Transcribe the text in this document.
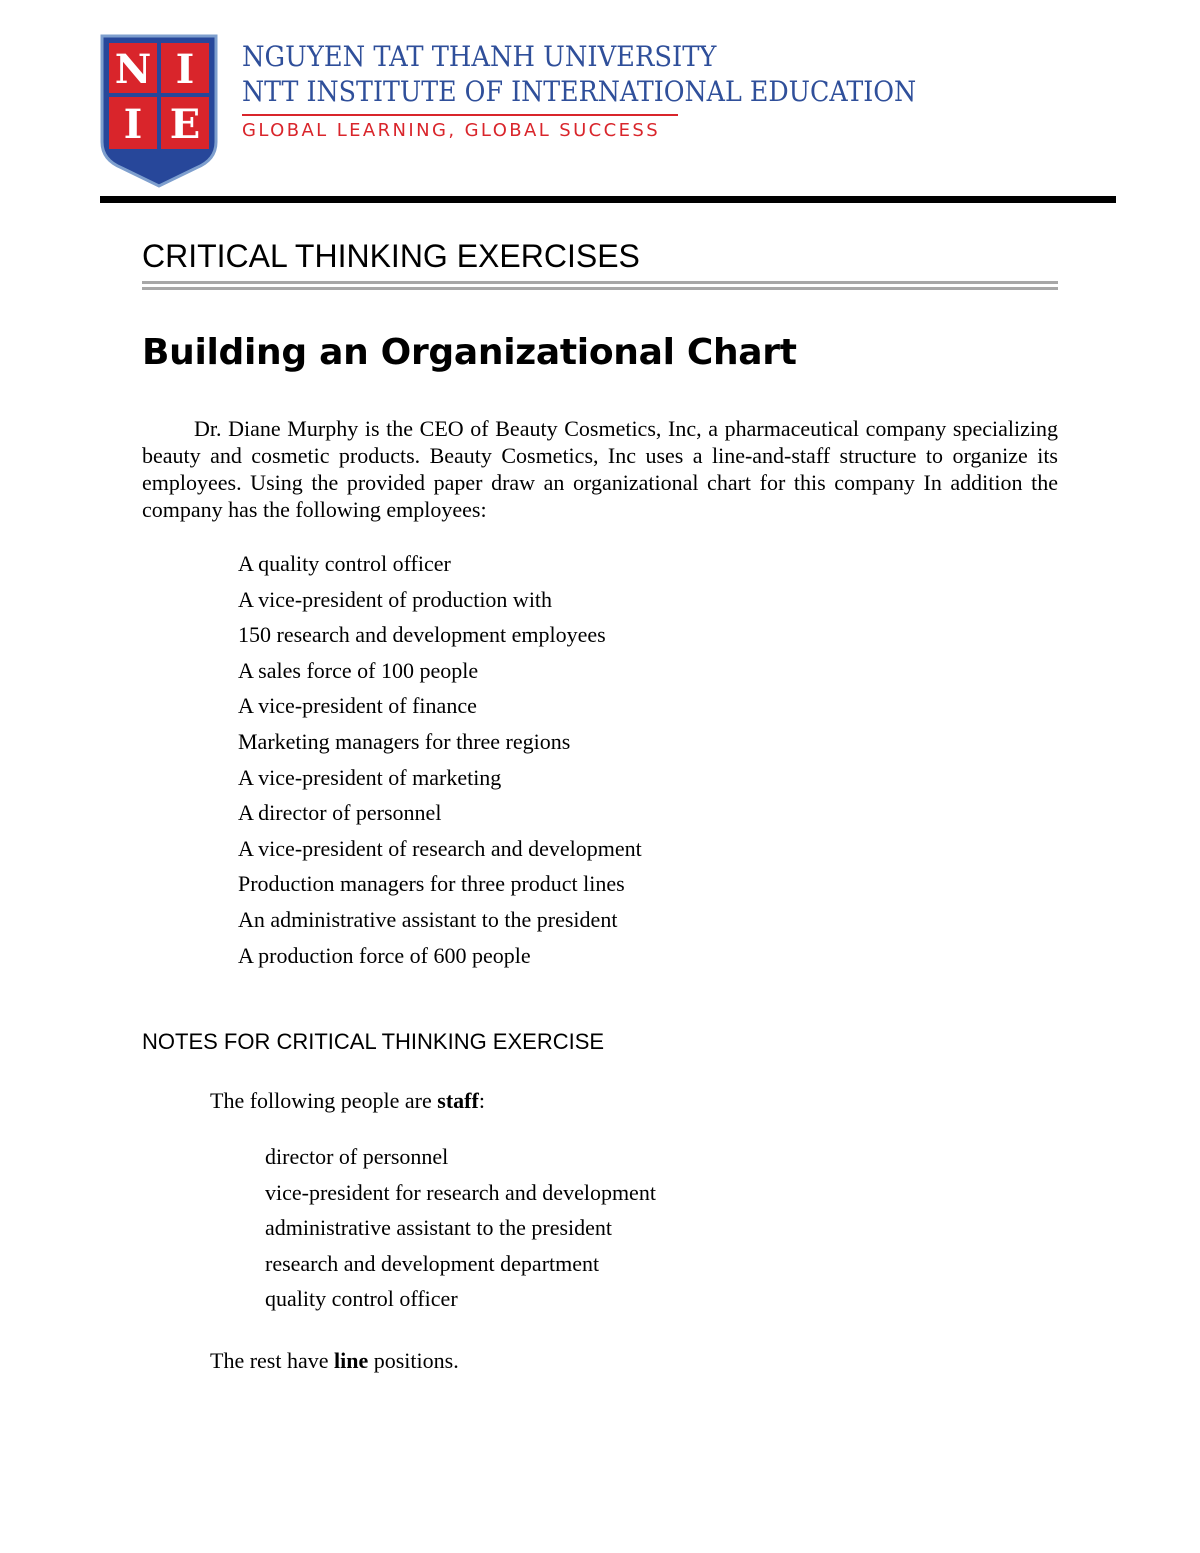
N I
I E
NGUYEN TAT THANH UNIVERSITY
NTT INSTITUTE OF INTERNATIONAL EDUCATION
GLOBAL LEARNING, GLOBAL SUCCESS
CRITICAL THINKING EXERCISES
Building an Organizational Chart

Dr. Diane Murphy is the CEO of Beauty Cosmetics, Inc, a pharmaceutical company specializing beauty and cosmetic products. Beauty Cosmetics, Inc uses a line-and-staff structure to organize its employees. Using the provided paper draw an organizational chart for this company In addition the company has the following employees:

A quality control officer
A vice-president of production with
150 research and development employees
A sales force of 100 people
A vice-president of finance
Marketing managers for three regions
A vice-president of marketing
A director of personnel
A vice-president of research and development
Production managers for three product lines
An administrative assistant to the president
A production force of 600 people
NOTES FOR CRITICAL THINKING EXERCISE
The following people are staff:
director of personnel
vice-president for research and development
administrative assistant to the president
research and development department
quality control officer
The rest have line positions.
